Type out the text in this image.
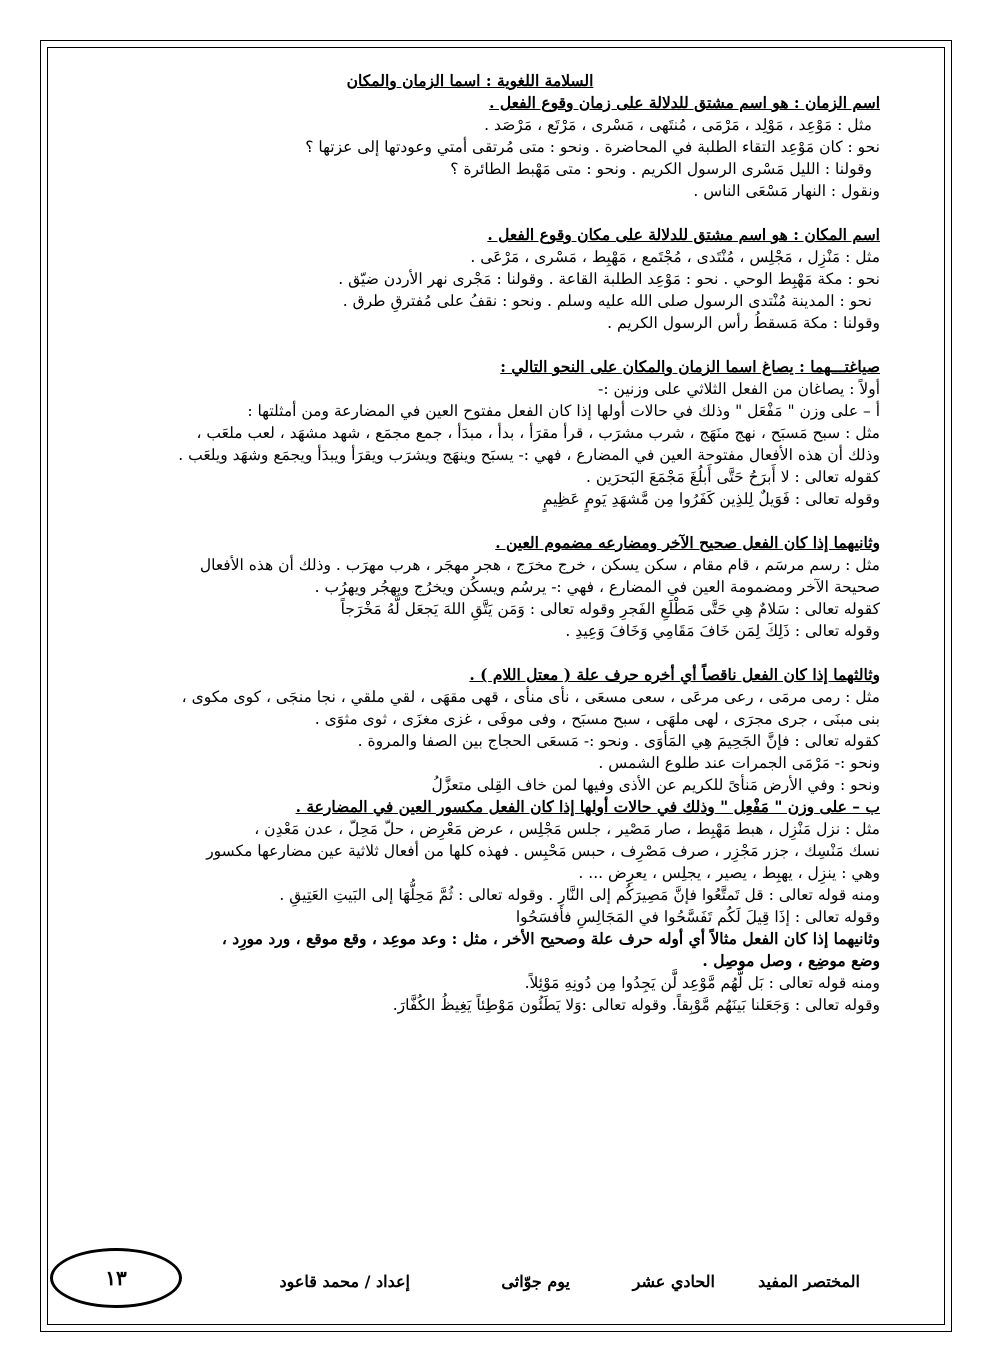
السلامة اللغوية : اسما الزمان والمكان
اسم الزمان : هو اسم مشتق للدلالة على زمان وقوع الفعل .
مثل : مَوْعِد ، مَوْلِد ، مَرْمَى ، مُنتَهى ، مَسْرى ، مَرْتَع ، مَرْصَد .
نحو : كان مَوْعِد التقاء الطلبة في المحاضرة . ونحو : متى مُرتقى أمتي وعودتها إلى عزتها ؟
وقولنا : الليل مَسْرى الرسول الكريم . ونحو : متى مَهْبط الطائرة ؟
ونقول : النهار مَسْعَى الناس .
اسم المكان : هو اسم مشتق للدلالة على مكان وقوع الفعل .
مثل : مَنْزِل ، مَجْلِس ، مُنْتَدى ، مُجْتَمع ، مَهْبِط ، مَسْرى ، مَرْعَى .
نحو : مكة مَهْبِط الوحي . نحو : مَوْعِد الطلبة القاعة . وقولنا : مَجْرى نهر الأردن ضيّق .
نحو : المدينة مُنْتدى الرسول صلى الله عليه وسلم . ونحو : نقفُ على مُفترقِ طرق .
وقولنا : مكة مَسقطُ رأس الرسول الكريم .
صياغتـــهما : يصاغ اسما الزمان والمكان على النحو التالي :
أولاً : يصاغان من الفعل الثلاثي على وزنين :-
أ – على وزن " مَفْعَل " وذلك في حالات أولها إذا كان الفعل مفتوح العين في المضارعة ومن أمثلتها :
مثل : سبح مَسبَح ، نهج منَهَج ، شرب مشرَب ، قرأ مقرَأ ، بدأ ، مبدَأ ، جمع مجمَع ، شهد مشهَد ، لعب ملعَب ،
وذلك أن هذه الأفعال مفتوحة العين في المضارع ، فهي :- يسبَح وينهَج ويشرَب ويقرَأ ويبدَأ ويجمَع وشهَد ويلعَب .
كقوله تعالى : لا أَبرَحُ حَتَّى أَبلُغَ مَجْمَعَ البَحرَين .
وقوله تعالى : فَوَيلٌ لِلذِين كَفَرُوا مِن مَّشهَدِ يَومٍ عَظِيمٍ
وثانيهما إذا كان الفعل صحيح الآخر ومضارعه مضموم العين .
مثل : رسم مرسَم ، قام مقام ، سكن يسكن ، خرج مخرَج ، هجر مهجَر ، هرب مهرَب . وذلك أن هذه الأفعال
صحيحة الآخر ومضمومة العين في المضارع ، فهي :- يرسُم ويسكُن ويخرُج ويهجُر ويهرُب .
كقوله تعالى : سَلامٌ هِي حَتَّى مَطْلَعِ الفَجرِ وقوله تعالى : وَمَن يَتَّقِ اللهَ يَجعَل لَّهُ مَخْرَجاً
وقوله تعالى : ذَلِكَ لِمَن خَافَ مَقَامِي وَخَافَ وَعِيدِ .
وثالثهما إذا كان الفعل ناقصاً أي أخره حرف علة ( معتل اللام ) .
مثل : رمى مرمَى ، رعى مرعَى ، سعى مسعَى ، نأى منأى ، قهى مقهَى ، لقي ملقي ، نجا منجَى ، كوى مكوى ،
بنى مبنَى ، جرى مجرَى ، لهى ملهَى ، سبح مسبَح ، وفى موفَى ، غزى مغزَى ، ثوى مثوَى .
كقوله تعالى : فإنَّ الجَحِيمَ هِي المَأوَى . ونحو :- مَسعَى الحجاج بين الصفا والمروة .
ونحو :- مَرْمَى الجمرات عند طلوع الشمس .
ونحو : وفي الأرض مَنأىً للكريم عن الأذى وفيها لمن خاف القِلى متعزَّلُ
ب – على وزن " مَفْعِل " وذلك في حالات أولها إذا كان الفعل مكسور العين في المضارعة .
مثل : نزل مَنْزِل ، هبط مَهْبِط ، صار مَصْير ، جلس مَجْلِس ، عرض مَعْرِض ، حلّ مَحِلّ ، عدن مَعْدِن ،
نسك مَنْسِك ، جزر مَجْزِر ، صرف مَصْرِف ، حبس مَحْبِس . فهذه كلها من أفعال ثلاثية عين مضارعها مكسور
وهي : ينزِل ، يهبِط ، يصير ، يجلِس ، يعرِض ... .
ومنه قوله تعالى : قل تَمتَّعُوا فإنَّ مَصِيرَكُم إلى النَّارِ . وقوله تعالى : ثُمَّ مَحِلُّهَا إلى البَيتِ العَتِيقِ .
وقوله تعالى : إذَا قِيلَ لَكُم تَفَسَّحُوا في المَجَالِسِ فأفسَحُوا
وثانيهما إذا كان الفعل مثالاً أي أوله حرف علة وصحيح الأخر ، مثل : وعد موعِد ، وقع موقع ، ورد مورِد ،
وضع موضِع ، وصل موصِل .
ومنه قوله تعالى : بَل لَّهُم مَّوْعِد لَّن يَجِدُوا مِن دُونِهِ مَوْئِلاً.
وقوله تعالى : وَجَعَلنا بَينَهُم مَّوْبِقاً. وقوله تعالى :وَلا يَطَئُون مَوْطِئاً يَغِيظُ الكُفَّارَ.
المختصر المفيد
الحادي عشر
يوم جوّاثى
إعداد / محمد قاعود
١٣
